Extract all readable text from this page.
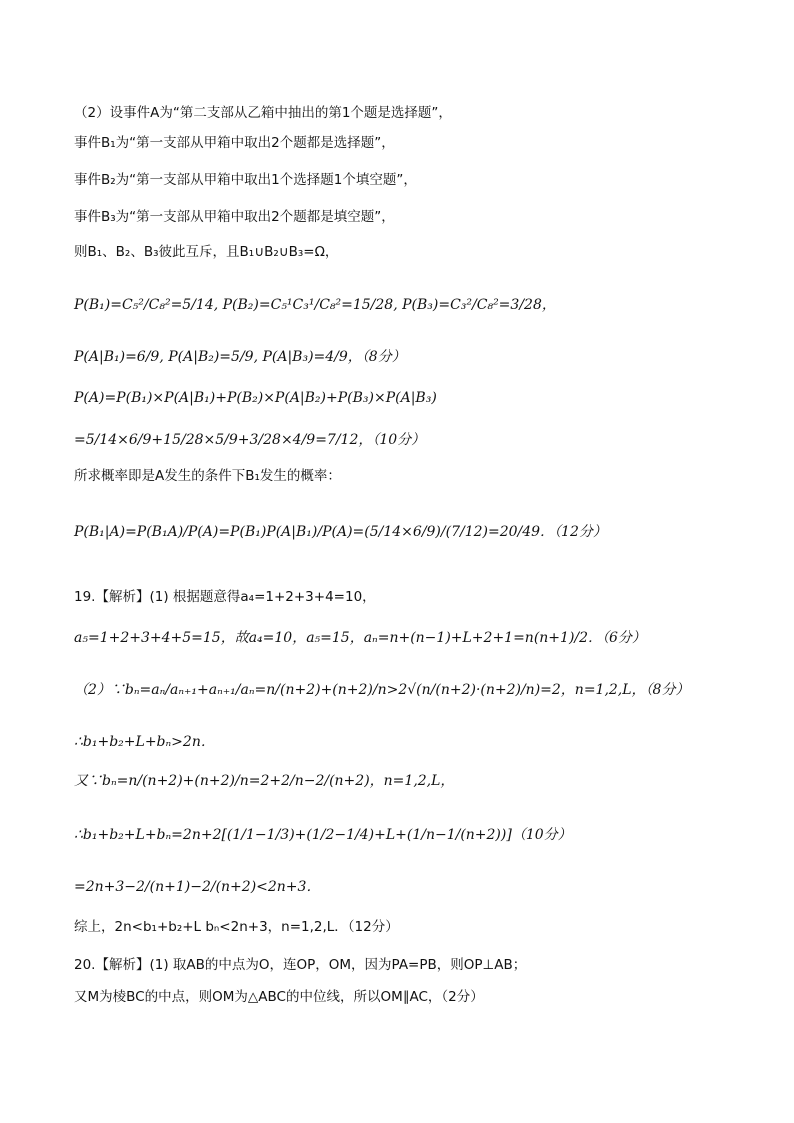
（2）设事件A为“第二支部从乙箱中抽出的第1个题是选择题”，
事件B₁为“第一支部从甲箱中取出2个题都是选择题”，
事件B₂为“第一支部从甲箱中取出1个选择题1个填空题”，
事件B₃为“第一支部从甲箱中取出2个题都是填空题”，
则B₁、B₂、B₃彼此互斥，且B₁∪B₂∪B₃=Ω，
P(B₁)=C₅²/C₈²=5/14, P(B₂)=C₅¹C₃¹/C₈²=15/28, P(B₃)=C₃²/C₈²=3/28，
P(A|B₁)=6/9, P(A|B₂)=5/9, P(A|B₃)=4/9，（8分）
P(A)=P(B₁)×P(A|B₁)+P(B₂)×P(A|B₂)+P(B₃)×P(A|B₃)
=5/14×6/9+15/28×5/9+3/28×4/9=7/12，（10分）
所求概率即是A发生的条件下B₁发生的概率：
P(B₁|A)=P(B₁A)/P(A)=P(B₁)P(A|B₁)/P(A)=(5/14×6/9)/(7/12)=20/49．（12分）
19.【解析】(1) 根据题意得a₄=1+2+3+4=10，
a₅=1+2+3+4+5=15，故a₄=10，a₅=15，aₙ=n+(n−1)+L+2+1=n(n+1)/2．（6分）
（2）∵bₙ=aₙ/aₙ₊₁+aₙ₊₁/aₙ=n/(n+2)+(n+2)/n>2√(n/(n+2)·(n+2)/n)=2，n=1,2,L，（8分）
∴b₁+b₂+L+bₙ>2n．
又∵bₙ=n/(n+2)+(n+2)/n=2+2/n−2/(n+2)，n=1,2,L，
∴b₁+b₂+L+bₙ=2n+2[(1/1−1/3)+(1/2−1/4)+L+(1/n−1/(n+2))]（10分）
=2n+3−2/(n+1)−2/(n+2)<2n+3．
综上，2n<b₁+b₂+L bₙ<2n+3，n=1,2,L．（12分）
20.【解析】(1) 取AB的中点为O，连OP，OM，因为PA=PB，则OP⊥AB；
又M为棱BC的中点，则OM为△ABC的中位线，所以OM∥AC，（2分）
